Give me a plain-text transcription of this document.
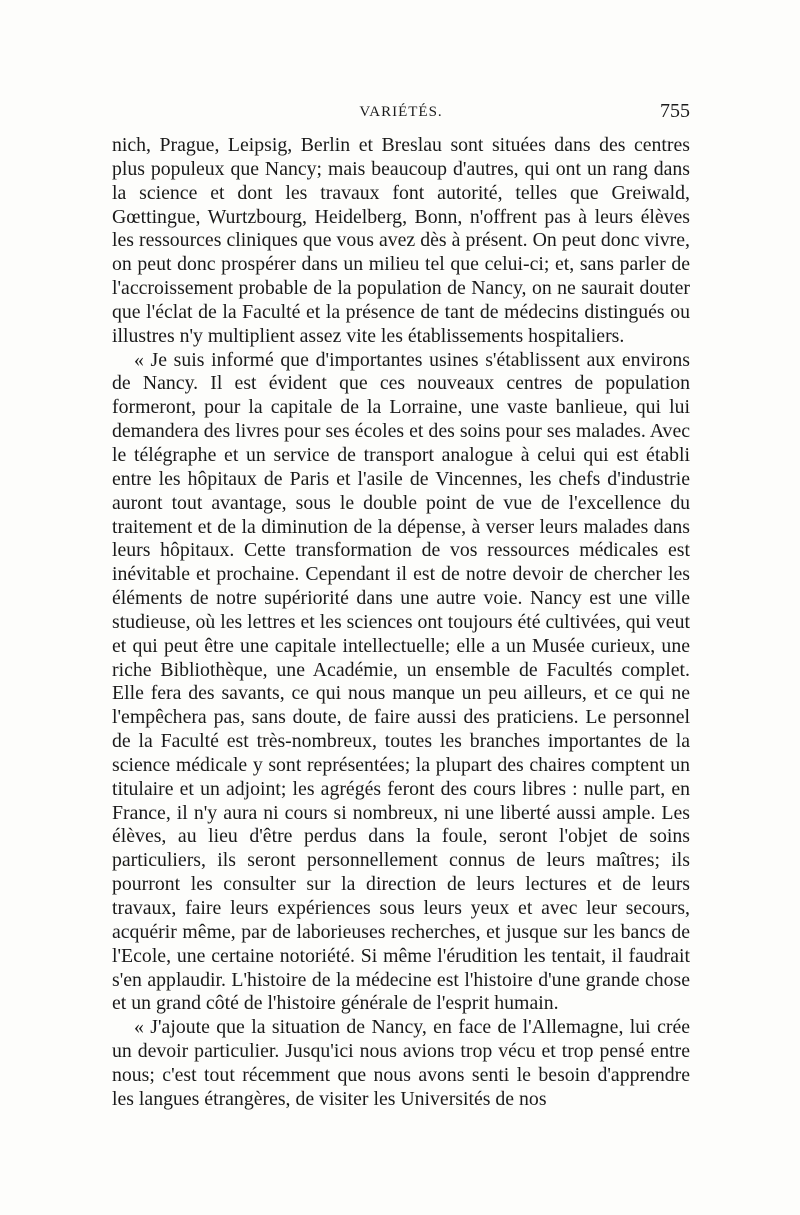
VARIÉTÉS.	755

nich, Prague, Leipsig, Berlin et Breslau sont situées dans des centres plus populeux que Nancy; mais beaucoup d'autres, qui ont un rang dans la science et dont les travaux font autorité, telles que Greiwald, Gœttingue, Wurtzbourg, Heidelberg, Bonn, n'offrent pas à leurs élèves les ressources cliniques que vous avez dès à présent. On peut donc vivre, on peut donc prospérer dans un milieu tel que celui-ci; et, sans parler de l'accroissement probable de la population de Nancy, on ne saurait douter que l'éclat de la Faculté et la présence de tant de médecins distingués ou illustres n'y multiplient assez vite les établissements hospitaliers.

« Je suis informé que d'importantes usines s'établissent aux environs de Nancy. Il est évident que ces nouveaux centres de population formeront, pour la capitale de la Lorraine, une vaste banlieue, qui lui demandera des livres pour ses écoles et des soins pour ses malades. Avec le télégraphe et un service de transport analogue à celui qui est établi entre les hôpitaux de Paris et l'asile de Vincennes, les chefs d'industrie auront tout avantage, sous le double point de vue de l'excellence du traitement et de la diminution de la dépense, à verser leurs malades dans leurs hôpitaux. Cette transformation de vos ressources médicales est inévitable et prochaine. Cependant il est de notre devoir de chercher les éléments de notre supériorité dans une autre voie. Nancy est une ville studieuse, où les lettres et les sciences ont toujours été cultivées, qui veut et qui peut être une capitale intellectuelle; elle a un Musée curieux, une riche Bibliothèque, une Académie, un ensemble de Facultés complet. Elle fera des savants, ce qui nous manque un peu ailleurs, et ce qui ne l'empêchera pas, sans doute, de faire aussi des praticiens. Le personnel de la Faculté est très-nombreux, toutes les branches importantes de la science médicale y sont représentées; la plupart des chaires comptent un titulaire et un adjoint; les agrégés feront des cours libres : nulle part, en France, il n'y aura ni cours si nombreux, ni une liberté aussi ample. Les élèves, au lieu d'être perdus dans la foule, seront l'objet de soins particuliers, ils seront personnellement connus de leurs maîtres; ils pourront les consulter sur la direction de leurs lectures et de leurs travaux, faire leurs expériences sous leurs yeux et avec leur secours, acquérir même, par de laborieuses recherches, et jusque sur les bancs de l'Ecole, une certaine notoriété. Si même l'érudition les tentait, il faudrait s'en applaudir. L'histoire de la médecine est l'histoire d'une grande chose et un grand côté de l'histoire générale de l'esprit humain.

« J'ajoute que la situation de Nancy, en face de l'Allemagne, lui crée un devoir particulier. Jusqu'ici nous avions trop vécu et trop pensé entre nous; c'est tout récemment que nous avons senti le besoin d'apprendre les langues étrangères, de visiter les Universités de nos
